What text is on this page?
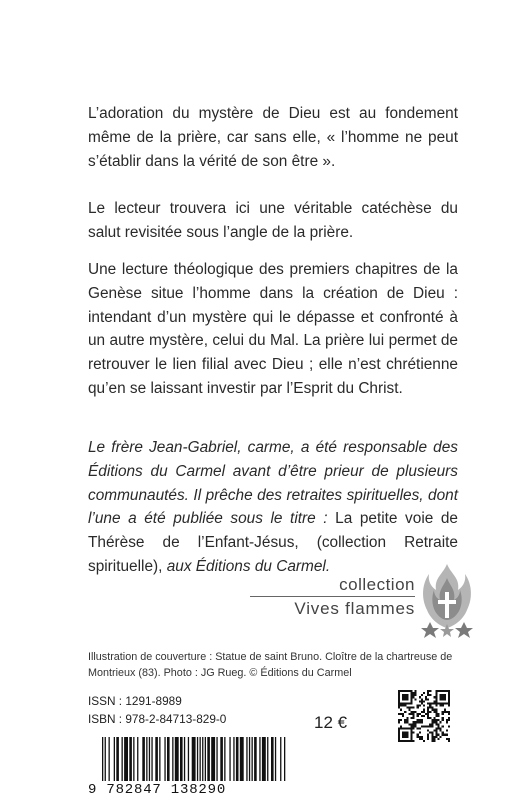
L’adoration du mystère de Dieu est au fondement même de la prière, car sans elle, « l’homme ne peut s’établir dans la vérité de son être ».

Le lecteur trouvera ici une véritable catéchèse du salut revisitée sous l’angle de la prière.

Une lecture théologique des premiers chapitres de la Genèse situe l’homme dans la création de Dieu : intendant d’un mystère qui le dépasse et confronté à un autre mystère, celui du Mal. La prière lui permet de retrouver le lien filial avec Dieu ; elle n’est chrétienne qu’en se laissant investir par l’Esprit du Christ.

Le frère Jean-Gabriel, carme, a été responsable des Éditions du Carmel avant d’être prieur de plusieurs communautés. Il prêche des retraites spirituelles, dont l’une a été publiée sous le titre : La petite voie de Thérèse de l’Enfant-Jésus, (collection Retraite spirituelle), aux Éditions du Carmel.

collection
Vives flammes
Illustration de couverture : Statue de saint Bruno. Cloître de la chartreuse de Montrieux (83). Photo : JG Rueg. © Éditions du Carmel
ISSN : 1291-8989
ISBN : 978-2-84713-829-0	12 €
9 782847 138290
